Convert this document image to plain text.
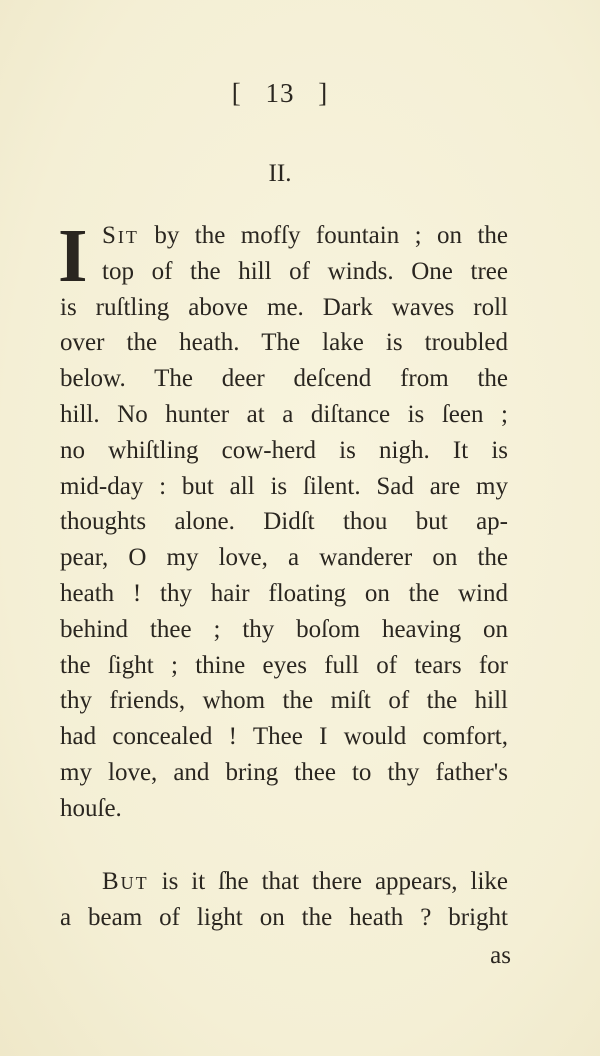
[ 13 ]
II.
I Sit by the mofſy fountain ; on the
top of the hill of winds. One tree
is ruſtling above me. Dark waves roll
over the heath. The lake is troubled
below. The deer deſcend from the
hill. No hunter at a diſtance is ſeen ;
no whiſtling cow-herd is nigh. It is
mid-day : but all is ſilent. Sad are my
thoughts alone. Didſt thou but ap-
pear, O my love, a wanderer on the
heath ! thy hair floating on the wind
behind thee ; thy boſom heaving on
the ſight ; thine eyes full of tears for
thy friends, whom the miſt of the hill
had concealed ! Thee I would comfort,
my love, and bring thee to thy father's
houſe.
But is it ſhe that there appears, like
a beam of light on the heath ? bright
as
